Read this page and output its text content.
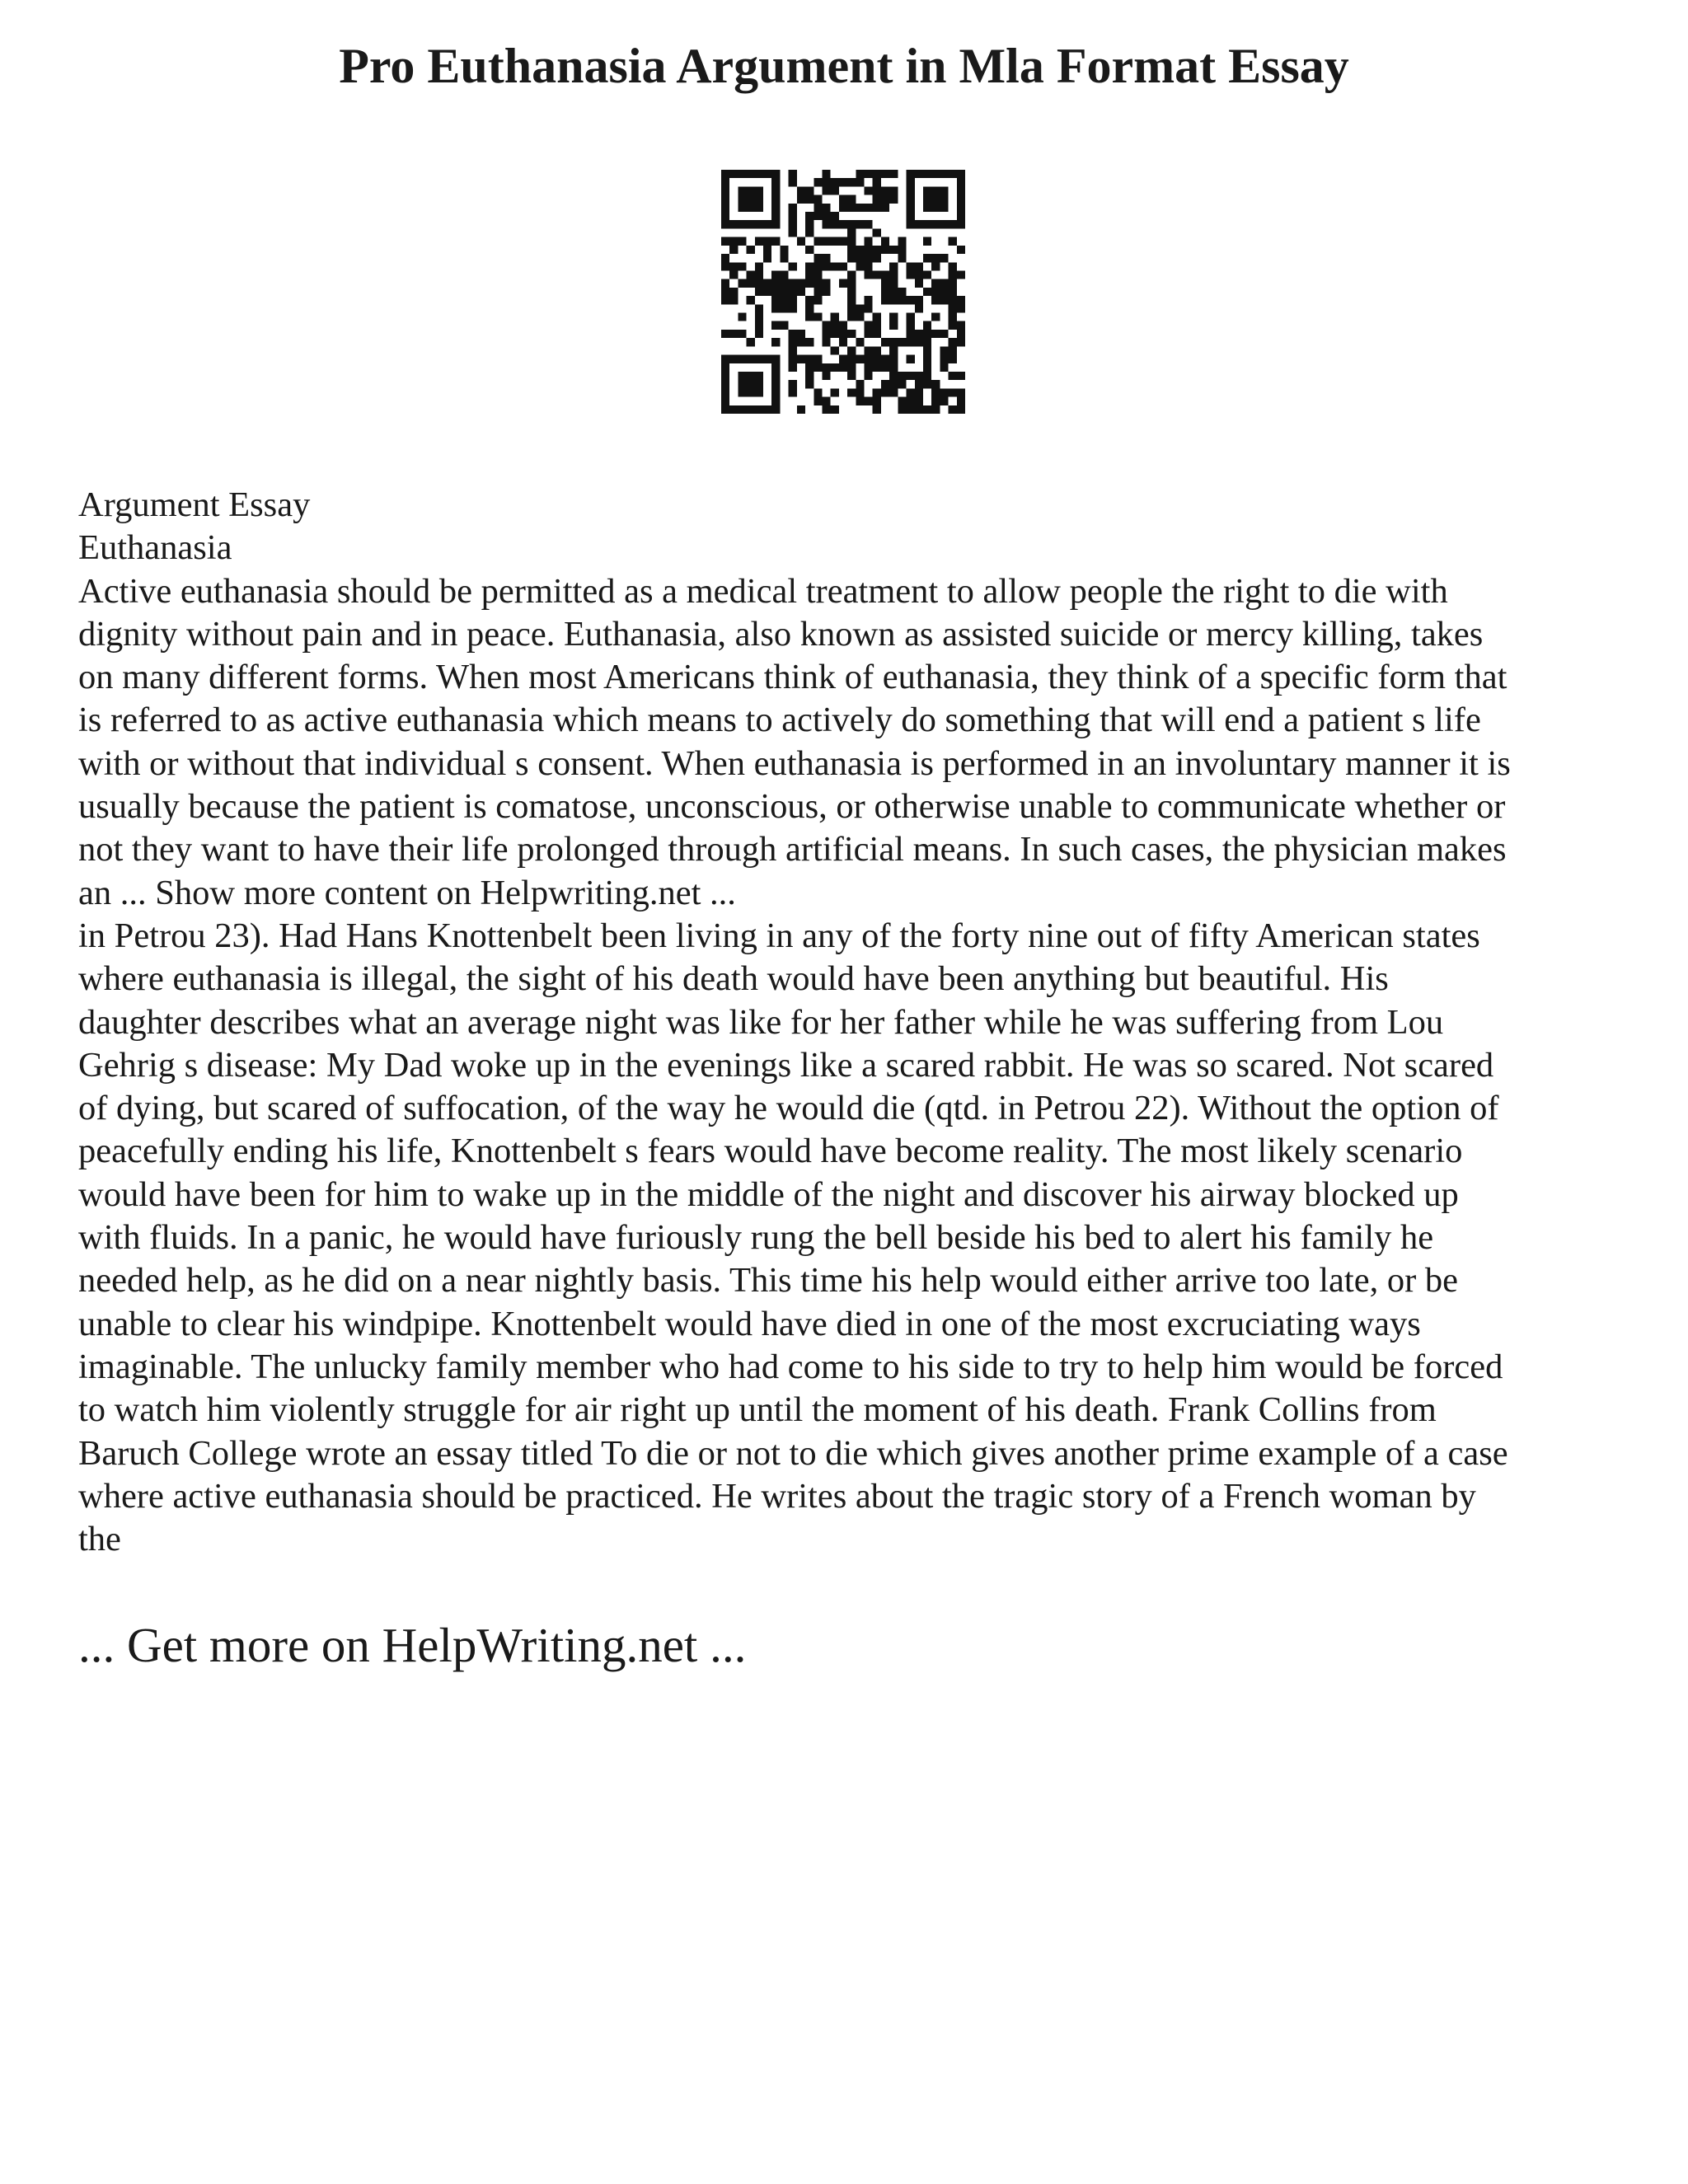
Pro Euthanasia Argument in Mla Format Essay

Argument Essay

Euthanasia

Active euthanasia should be permitted as a medical treatment to allow people the right to die with

dignity without pain and in peace. Euthanasia, also known as assisted suicide or mercy killing, takes

on many different forms. When most Americans think of euthanasia, they think of a specific form that

is referred to as active euthanasia which means to actively do something that will end a patient s life

with or without that individual s consent. When euthanasia is performed in an involuntary manner it is

usually because the patient is comatose, unconscious, or otherwise unable to communicate whether or

not they want to have their life prolonged through artificial means. In such cases, the physician makes

an ... Show more content on Helpwriting.net ...

in Petrou 23). Had Hans Knottenbelt been living in any of the forty nine out of fifty American states

where euthanasia is illegal, the sight of his death would have been anything but beautiful. His

daughter describes what an average night was like for her father while he was suffering from Lou

Gehrig s disease: My Dad woke up in the evenings like a scared rabbit. He was so scared. Not scared

of dying, but scared of suffocation, of the way he would die (qtd. in Petrou 22). Without the option of

peacefully ending his life, Knottenbelt s fears would have become reality. The most likely scenario

would have been for him to wake up in the middle of the night and discover his airway blocked up

with fluids. In a panic, he would have furiously rung the bell beside his bed to alert his family he

needed help, as he did on a near nightly basis. This time his help would either arrive too late, or be

unable to clear his windpipe. Knottenbelt would have died in one of the most excruciating ways

imaginable. The unlucky family member who had come to his side to try to help him would be forced

to watch him violently struggle for air right up until the moment of his death. Frank Collins from

Baruch College wrote an essay titled To die or not to die which gives another prime example of a case

where active euthanasia should be practiced. He writes about the tragic story of a French woman by

the

... Get more on HelpWriting.net ...
